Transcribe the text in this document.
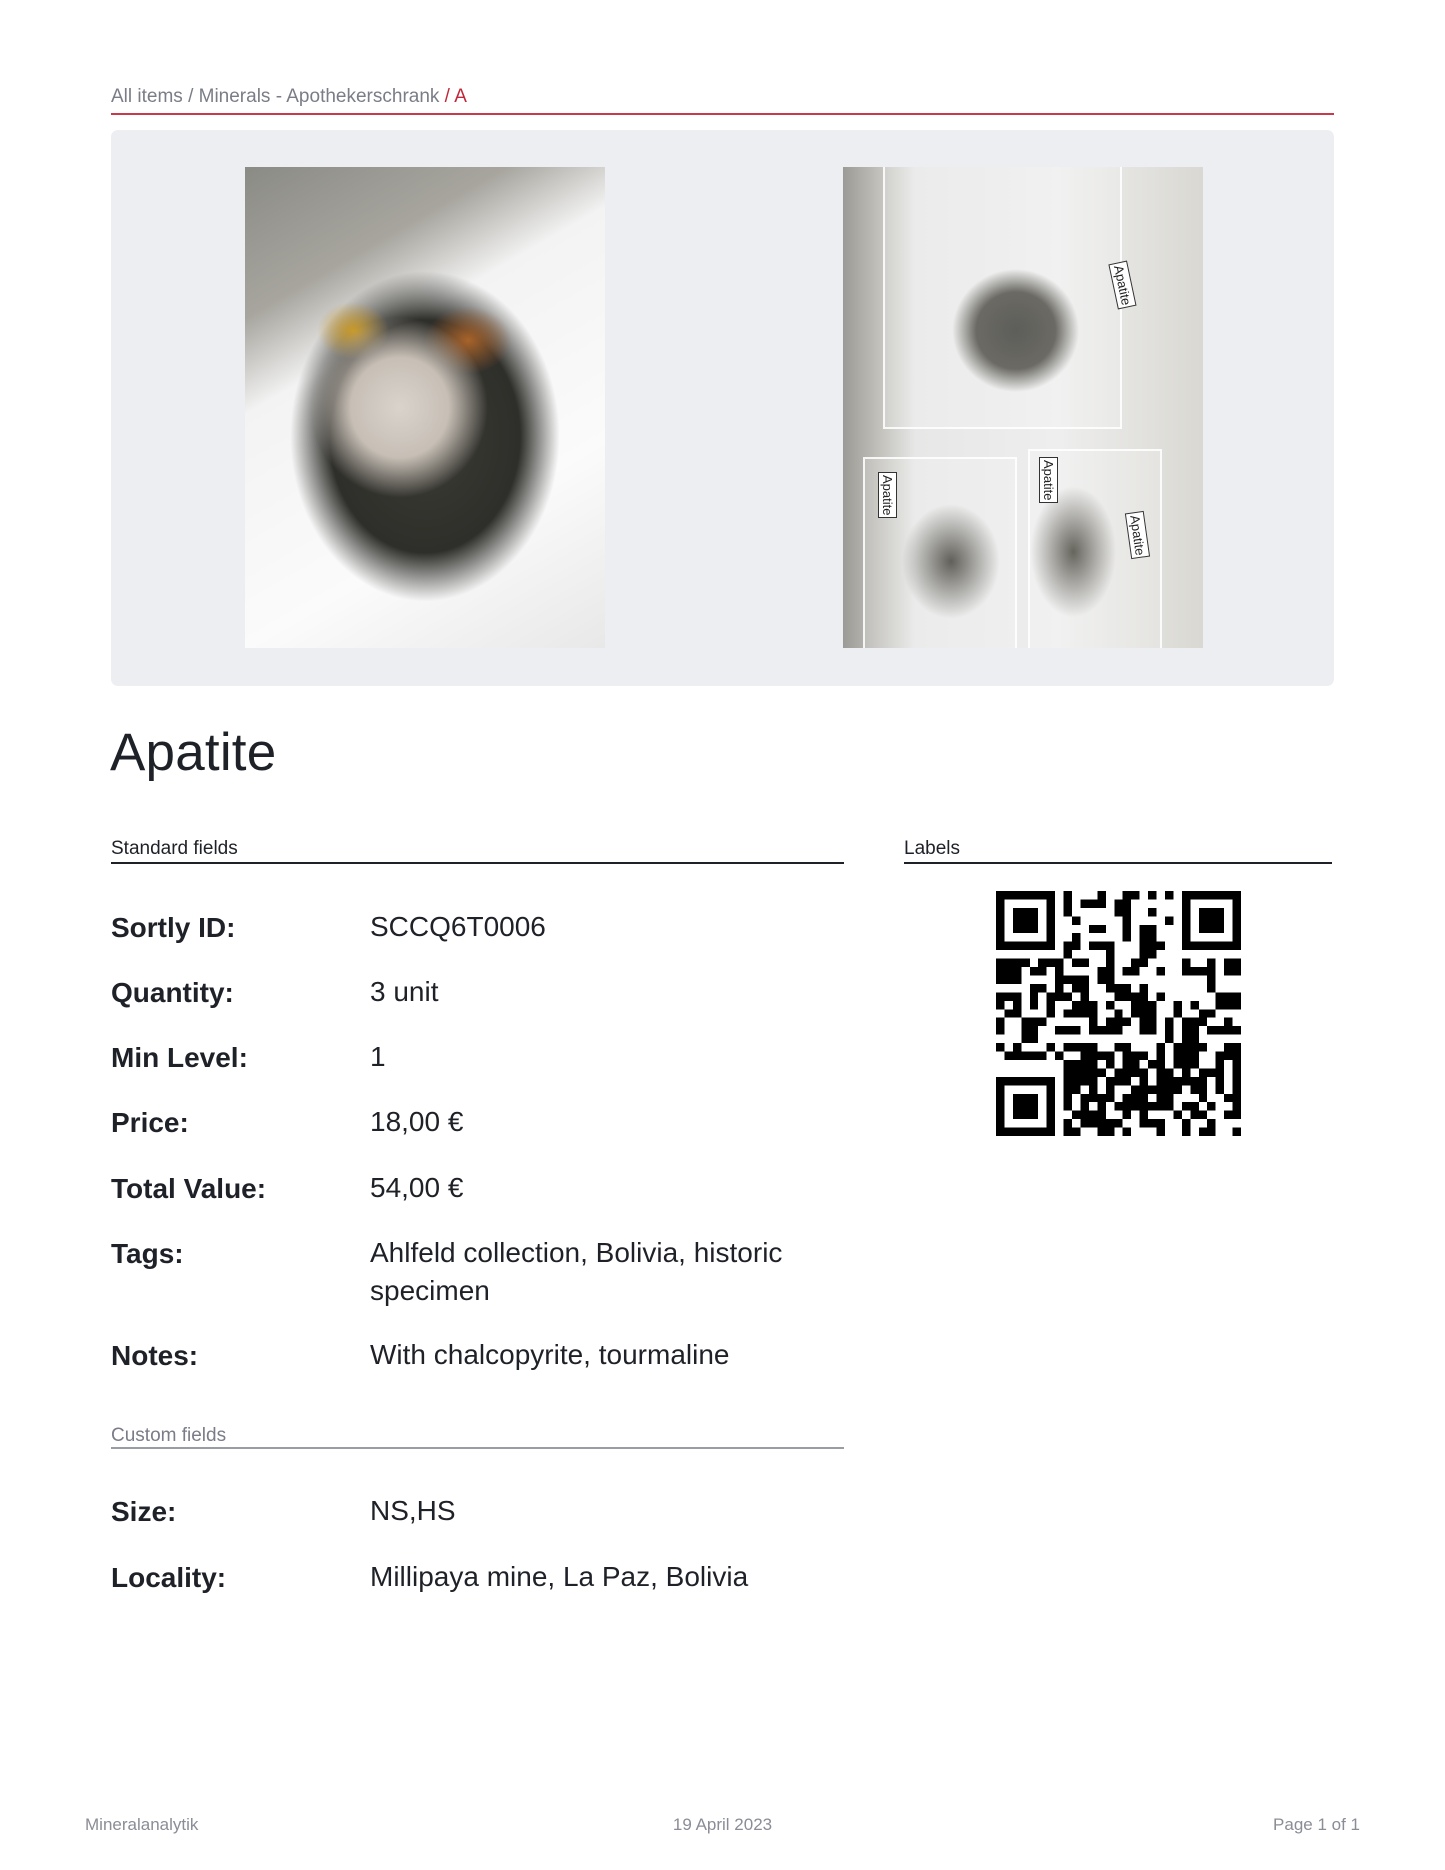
All items / Minerals - Apothekerschrank / A
Apatite
Apatite	Apatite
Apatite
Apatite
Standard fields	Labels
Sortly ID:	SCCQ6T0006
Quantity:	3 unit
Min Level:	1
Price:	18,00 €
Total Value:	54,00 €
Tags:	Ahlfeld collection, Bolivia, historic specimen
Notes:	With chalcopyrite, tourmaline
Custom fields
Size:	NS,HS
Locality:	Millipaya mine, La Paz, Bolivia
Mineralanalytik	19 April 2023	Page 1 of 1
